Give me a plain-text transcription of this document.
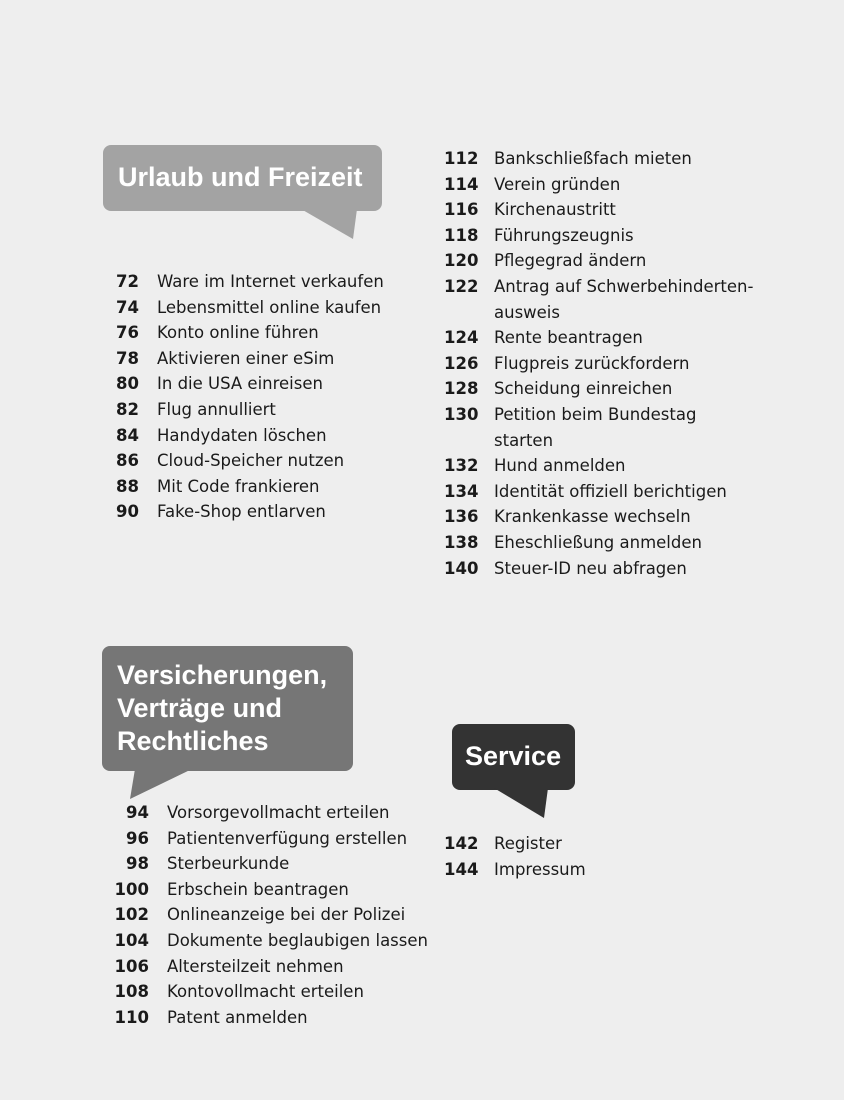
Urlaub und Freizeit
72 Ware im Internet verkaufen
74 Lebensmittel online kaufen
76 Konto online führen
78 Aktivieren einer eSim
80 In die USA einreisen
82 Flug annulliert
84 Handydaten löschen
86 Cloud-Speicher nutzen
88 Mit Code frankieren
90 Fake-Shop entlarven
Versicherungen,
Verträge und
Rechtliches
94 Vorsorgevollmacht erteilen
96 Patientenverfügung erstellen
98 Sterbeurkunde
100 Erbschein beantragen
102 Onlineanzeige bei der Polizei
104 Dokumente beglaubigen lassen
106 Altersteilzeit nehmen
108 Kontovollmacht erteilen
110 Patent anmelden
112 Bankschließfach mieten
114 Verein gründen
116 Kirchenaustritt
118 Führungszeugnis
120 Pflegegrad ändern
122 Antrag auf Schwerbehinderten-
ausweis
124 Rente beantragen
126 Flugpreis zurückfordern
128 Scheidung einreichen
130 Petition beim Bundestag
starten
132 Hund anmelden
134 Identität offiziell berichtigen
136 Krankenkasse wechseln
138 Eheschließung anmelden
140 Steuer-ID neu abfragen
Service
142 Register
144 Impressum
